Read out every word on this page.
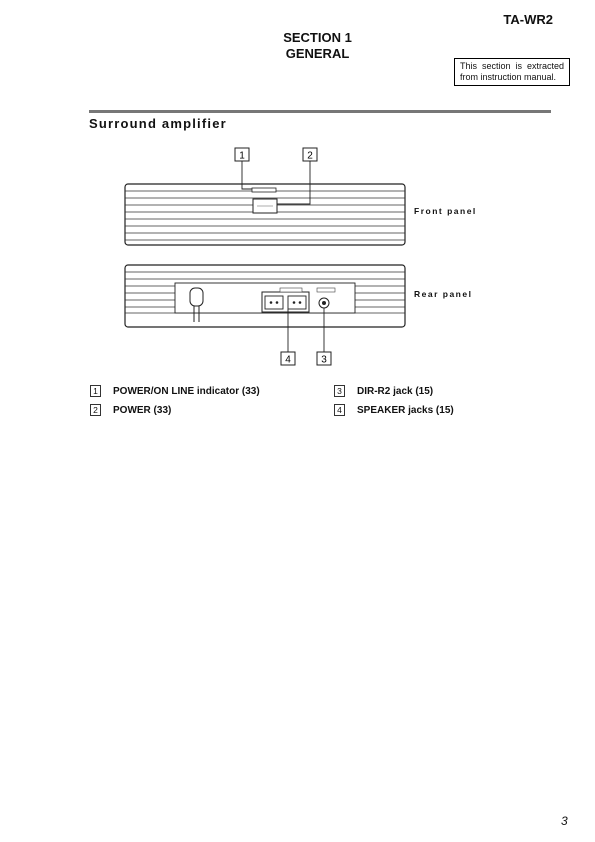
TA-WR2
SECTION 1
GENERAL
This section is extracted from instruction manual.
Surround amplifier
1	2
4	3
Front panel
Rear panel
1	POWER/ON LINE indicator (33)
2	POWER (33)
3	DIR-R2 jack (15)
4	SPEAKER jacks (15)
3
